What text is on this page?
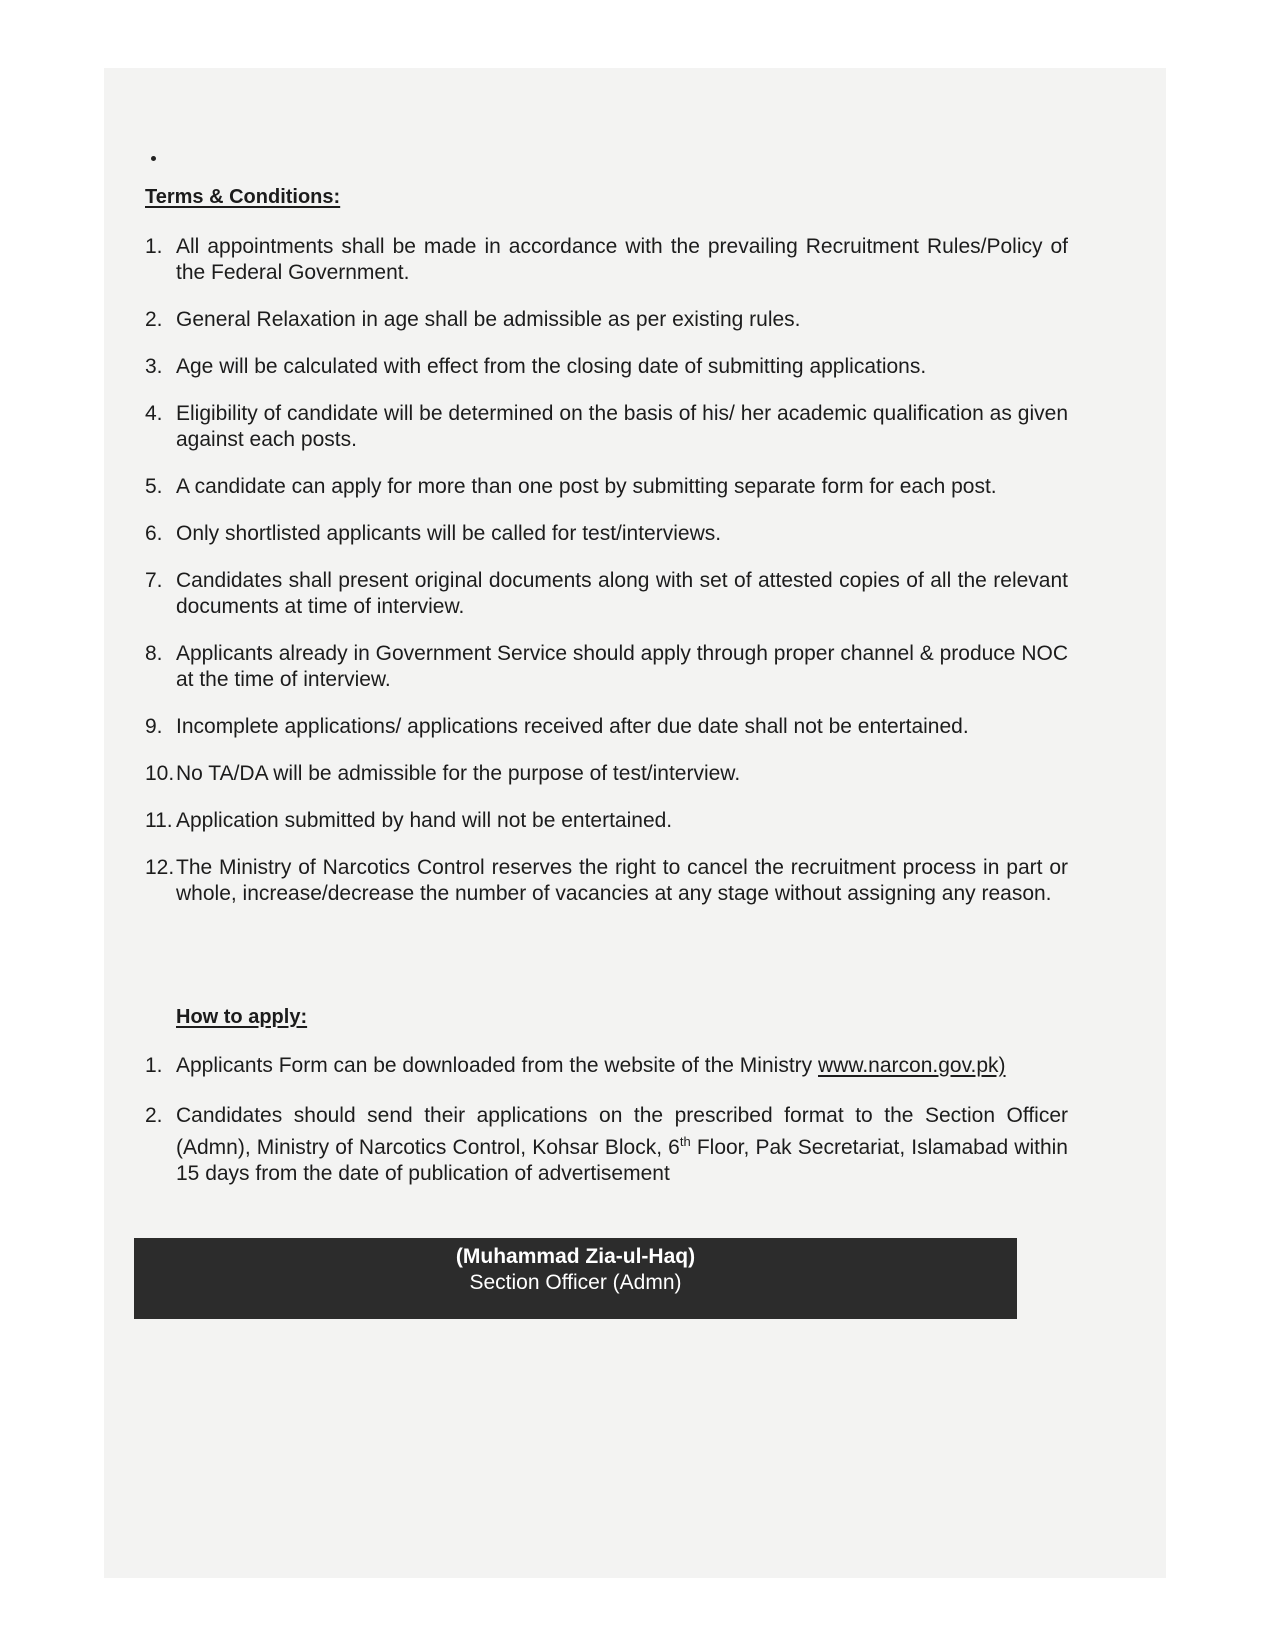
Terms & Conditions:
1. All appointments shall be made in accordance with the prevailing Recruitment Rules/Policy of the Federal Government.
2. General Relaxation in age shall be admissible as per existing rules.
3. Age will be calculated with effect from the closing date of submitting applications.
4. Eligibility of candidate will be determined on the basis of his/ her academic qualification as given against each posts.
5. A candidate can apply for more than one post by submitting separate form for each post.
6. Only shortlisted applicants will be called for test/interviews.
7. Candidates shall present original documents along with set of attested copies of all the relevant documents at time of interview.
8. Applicants already in Government Service should apply through proper channel & produce NOC at the time of interview.
9. Incomplete applications/ applications received after due date shall not be entertained.
10. No TA/DA will be admissible for the purpose of test/interview.
11. Application submitted by hand will not be entertained.
12. The Ministry of Narcotics Control reserves the right to cancel the recruitment process in part or whole, increase/decrease the number of vacancies at any stage without assigning any reason.
How to apply:
1. Applicants Form can be downloaded from the website of the Ministry www.narcon.gov.pk)
2. Candidates should send their applications on the prescribed format to the Section Officer (Admn), Ministry of Narcotics Control, Kohsar Block, 6th Floor, Pak Secretariat, Islamabad within 15 days from the date of publication of advertisement
(Muhammad Zia-ul-Haq)
Section Officer (Admn)
